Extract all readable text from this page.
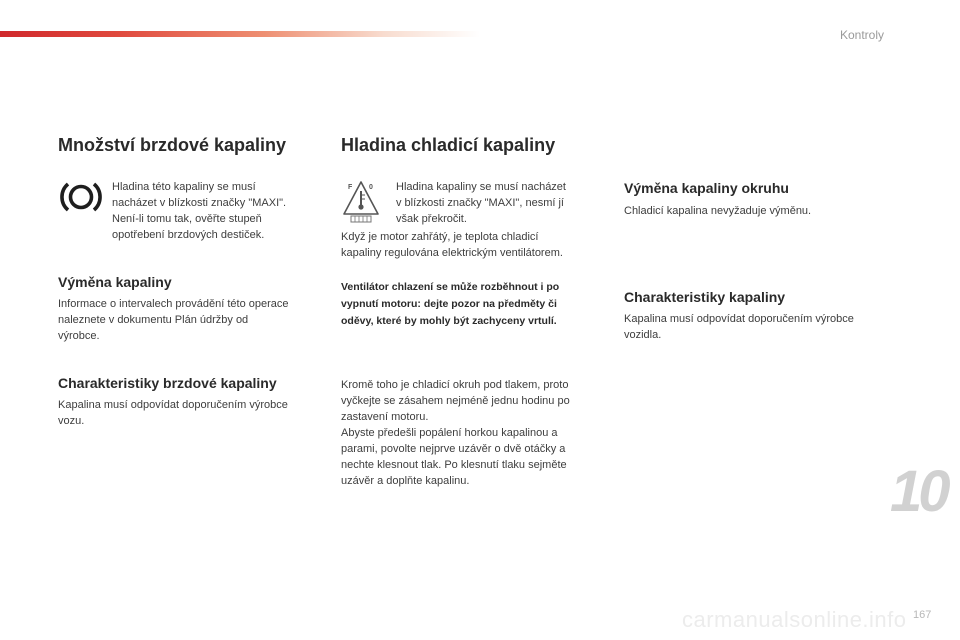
Kontroly
Množství brzdové kapaliny
Hladina této kapaliny se musí
nacházet v blízkosti značky "MAXI".
Není-li tomu tak, ověřte stupeň
opotřebení brzdových destiček.
Výměna kapaliny
Informace o intervalech provádění této operace
naleznete v dokumentu Plán údržby od
výrobce.
Charakteristiky brzdové kapaliny
Kapalina musí odpovídat doporučením výrobce
vozu.
Hladina chladicí kapaliny
F 0 Hladina kapaliny se musí nacházet
v blízkosti značky "MAXI", nesmí jí
však překročit.
Když je motor zahřátý, je teplota chladicí
kapaliny regulována elektrickým ventilátorem.
Ventilátor chlazení se může rozběhnout i po
vypnutí motoru: dejte pozor na předměty či
oděvy, které by mohly být zachyceny vrtulí.
Kromě toho je chladicí okruh pod tlakem, proto
vyčkejte se zásahem nejméně jednu hodinu po
zastavení motoru.
Abyste předešli popálení horkou kapalinou a
parami, povolte nejprve uzávěr o dvě otáčky a
nechte klesnout tlak. Po klesnutí tlaku sejměte
uzávěr a doplňte kapalinu.
Výměna kapaliny okruhu
Chladicí kapalina nevyžaduje výměnu.
Charakteristiky kapaliny
Kapalina musí odpovídat doporučením výrobce
vozidla.
10
carmanualsonline.info 167
